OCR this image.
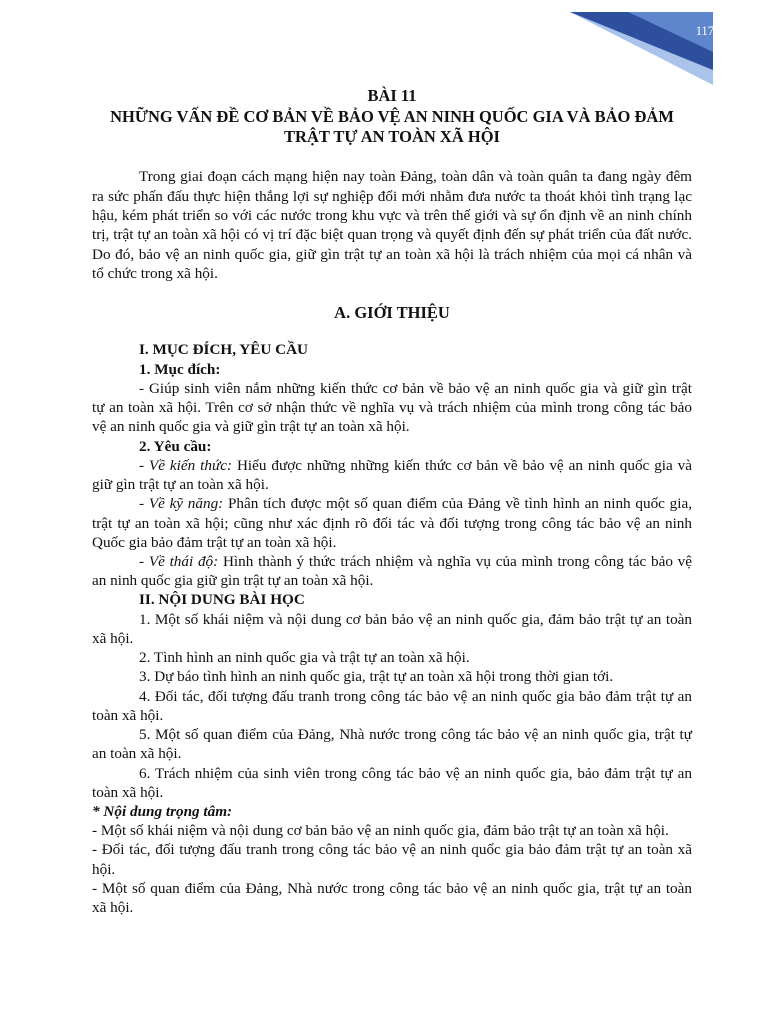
117
BÀI 11
NHỮNG VẤN ĐỀ CƠ BẢN VỀ BẢO VỆ AN NINH QUỐC GIA VÀ BẢO ĐẢM
TRẬT TỰ AN TOÀN XÃ HỘI
Trong giai đoạn cách mạng hiện nay toàn Đảng, toàn dân và toàn quân ta đang ngày đêm
ra sức phấn đấu thực hiện thắng lợi sự nghiệp đổi mới nhằm đưa nước ta thoát khỏi tình trạng lạc
hậu, kém phát triển so với các nước trong khu vực và trên thế giới và sự ổn định về an ninh chính
trị, trật tự an toàn xã hội có vị trí đặc biệt quan trọng và quyết định đến sự phát triển của đất nước.
Do đó, bảo vệ an ninh quốc gia, giữ gìn trật tự an toàn xã hội là trách nhiệm của mọi cá nhân và
tổ chức trong xã hội.
A. GIỚI THIỆU
I. MỤC ĐÍCH, YÊU CẦU
1. Mục đích:
- Giúp sinh viên nắm những kiến thức cơ bản về bảo vệ an ninh quốc gia và giữ gìn trật
tự an toàn xã hội. Trên cơ sở nhận thức về nghĩa vụ và trách nhiệm của mình trong công tác bảo
vệ an ninh quốc gia và giữ gìn trật tự an toàn xã hội.
2. Yêu cầu:
- Về kiến thức: Hiểu được những những kiến thức cơ bản về bảo vệ an ninh quốc gia và
giữ gìn trật tự an toàn xã hội.
- Về kỹ năng: Phân tích được một số quan điểm của Đảng về tình hình an ninh quốc gia,
trật tự an toàn xã hội; cũng như xác định rõ đối tác và đối tượng trong công tác bảo vệ an ninh
Quốc gia bảo đảm trật tự an toàn xã hội.
- Về thái độ: Hình thành ý thức trách nhiệm và nghĩa vụ của mình trong công tác bảo vệ
an ninh quốc gia giữ gìn trật tự an toàn xã hội.
II. NỘI DUNG BÀI HỌC
1. Một số khái niệm và nội dung cơ bản bảo vệ an ninh quốc gia, đảm bảo trật tự an toàn
xã hội.
2. Tình hình an ninh quốc gia và trật tự an toàn xã hội.
3. Dự báo tình hình an ninh quốc gia, trật tự an toàn xã hội trong thời gian tới.
4. Đối tác, đối tượng đấu tranh trong công tác bảo vệ an ninh quốc gia bảo đảm trật tự an
toàn xã hội.
5. Một số quan điểm của Đảng, Nhà nước trong công tác bảo vệ an ninh quốc gia, trật tự
an toàn xã hội.
6. Trách nhiệm của sinh viên trong công tác bảo vệ an ninh quốc gia, bảo đảm trật tự an
toàn xã hội.
* Nội dung trọng tâm:
- Một số khái niệm và nội dung cơ bản bảo vệ an ninh quốc gia, đảm bảo trật tự an toàn xã hội.
- Đối tác, đối tượng đấu tranh trong công tác bảo vệ an ninh quốc gia bảo đảm trật tự an toàn xã
hội.
- Một số quan điểm của Đảng, Nhà nước trong công tác bảo vệ an ninh quốc gia, trật tự an toàn
xã hội.
